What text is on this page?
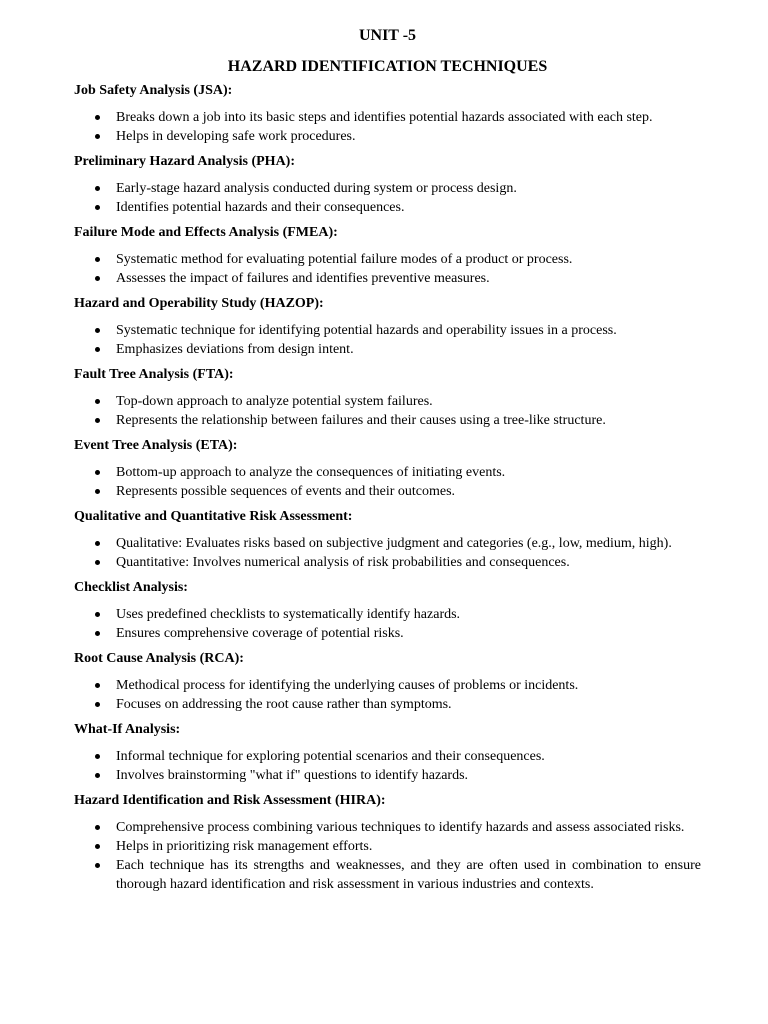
UNIT -5
HAZARD IDENTIFICATION TECHNIQUES
Job Safety Analysis (JSA):
Breaks down a job into its basic steps and identifies potential hazards associated with each step.
Helps in developing safe work procedures.
Preliminary Hazard Analysis (PHA):
Early-stage hazard analysis conducted during system or process design.
Identifies potential hazards and their consequences.
Failure Mode and Effects Analysis (FMEA):
Systematic method for evaluating potential failure modes of a product or process.
Assesses the impact of failures and identifies preventive measures.
Hazard and Operability Study (HAZOP):
Systematic technique for identifying potential hazards and operability issues in a process.
Emphasizes deviations from design intent.
Fault Tree Analysis (FTA):
Top-down approach to analyze potential system failures.
Represents the relationship between failures and their causes using a tree-like structure.
Event Tree Analysis (ETA):
Bottom-up approach to analyze the consequences of initiating events.
Represents possible sequences of events and their outcomes.
Qualitative and Quantitative Risk Assessment:
Qualitative: Evaluates risks based on subjective judgment and categories (e.g., low, medium, high).
Quantitative: Involves numerical analysis of risk probabilities and consequences.
Checklist Analysis:
Uses predefined checklists to systematically identify hazards.
Ensures comprehensive coverage of potential risks.
Root Cause Analysis (RCA):
Methodical process for identifying the underlying causes of problems or incidents.
Focuses on addressing the root cause rather than symptoms.
What-If Analysis:
Informal technique for exploring potential scenarios and their consequences.
Involves brainstorming "what if" questions to identify hazards.
Hazard Identification and Risk Assessment (HIRA):
Comprehensive process combining various techniques to identify hazards and assess associated risks.
Helps in prioritizing risk management efforts.
Each technique has its strengths and weaknesses, and they are often used in combination to ensure thorough hazard identification and risk assessment in various industries and contexts.
